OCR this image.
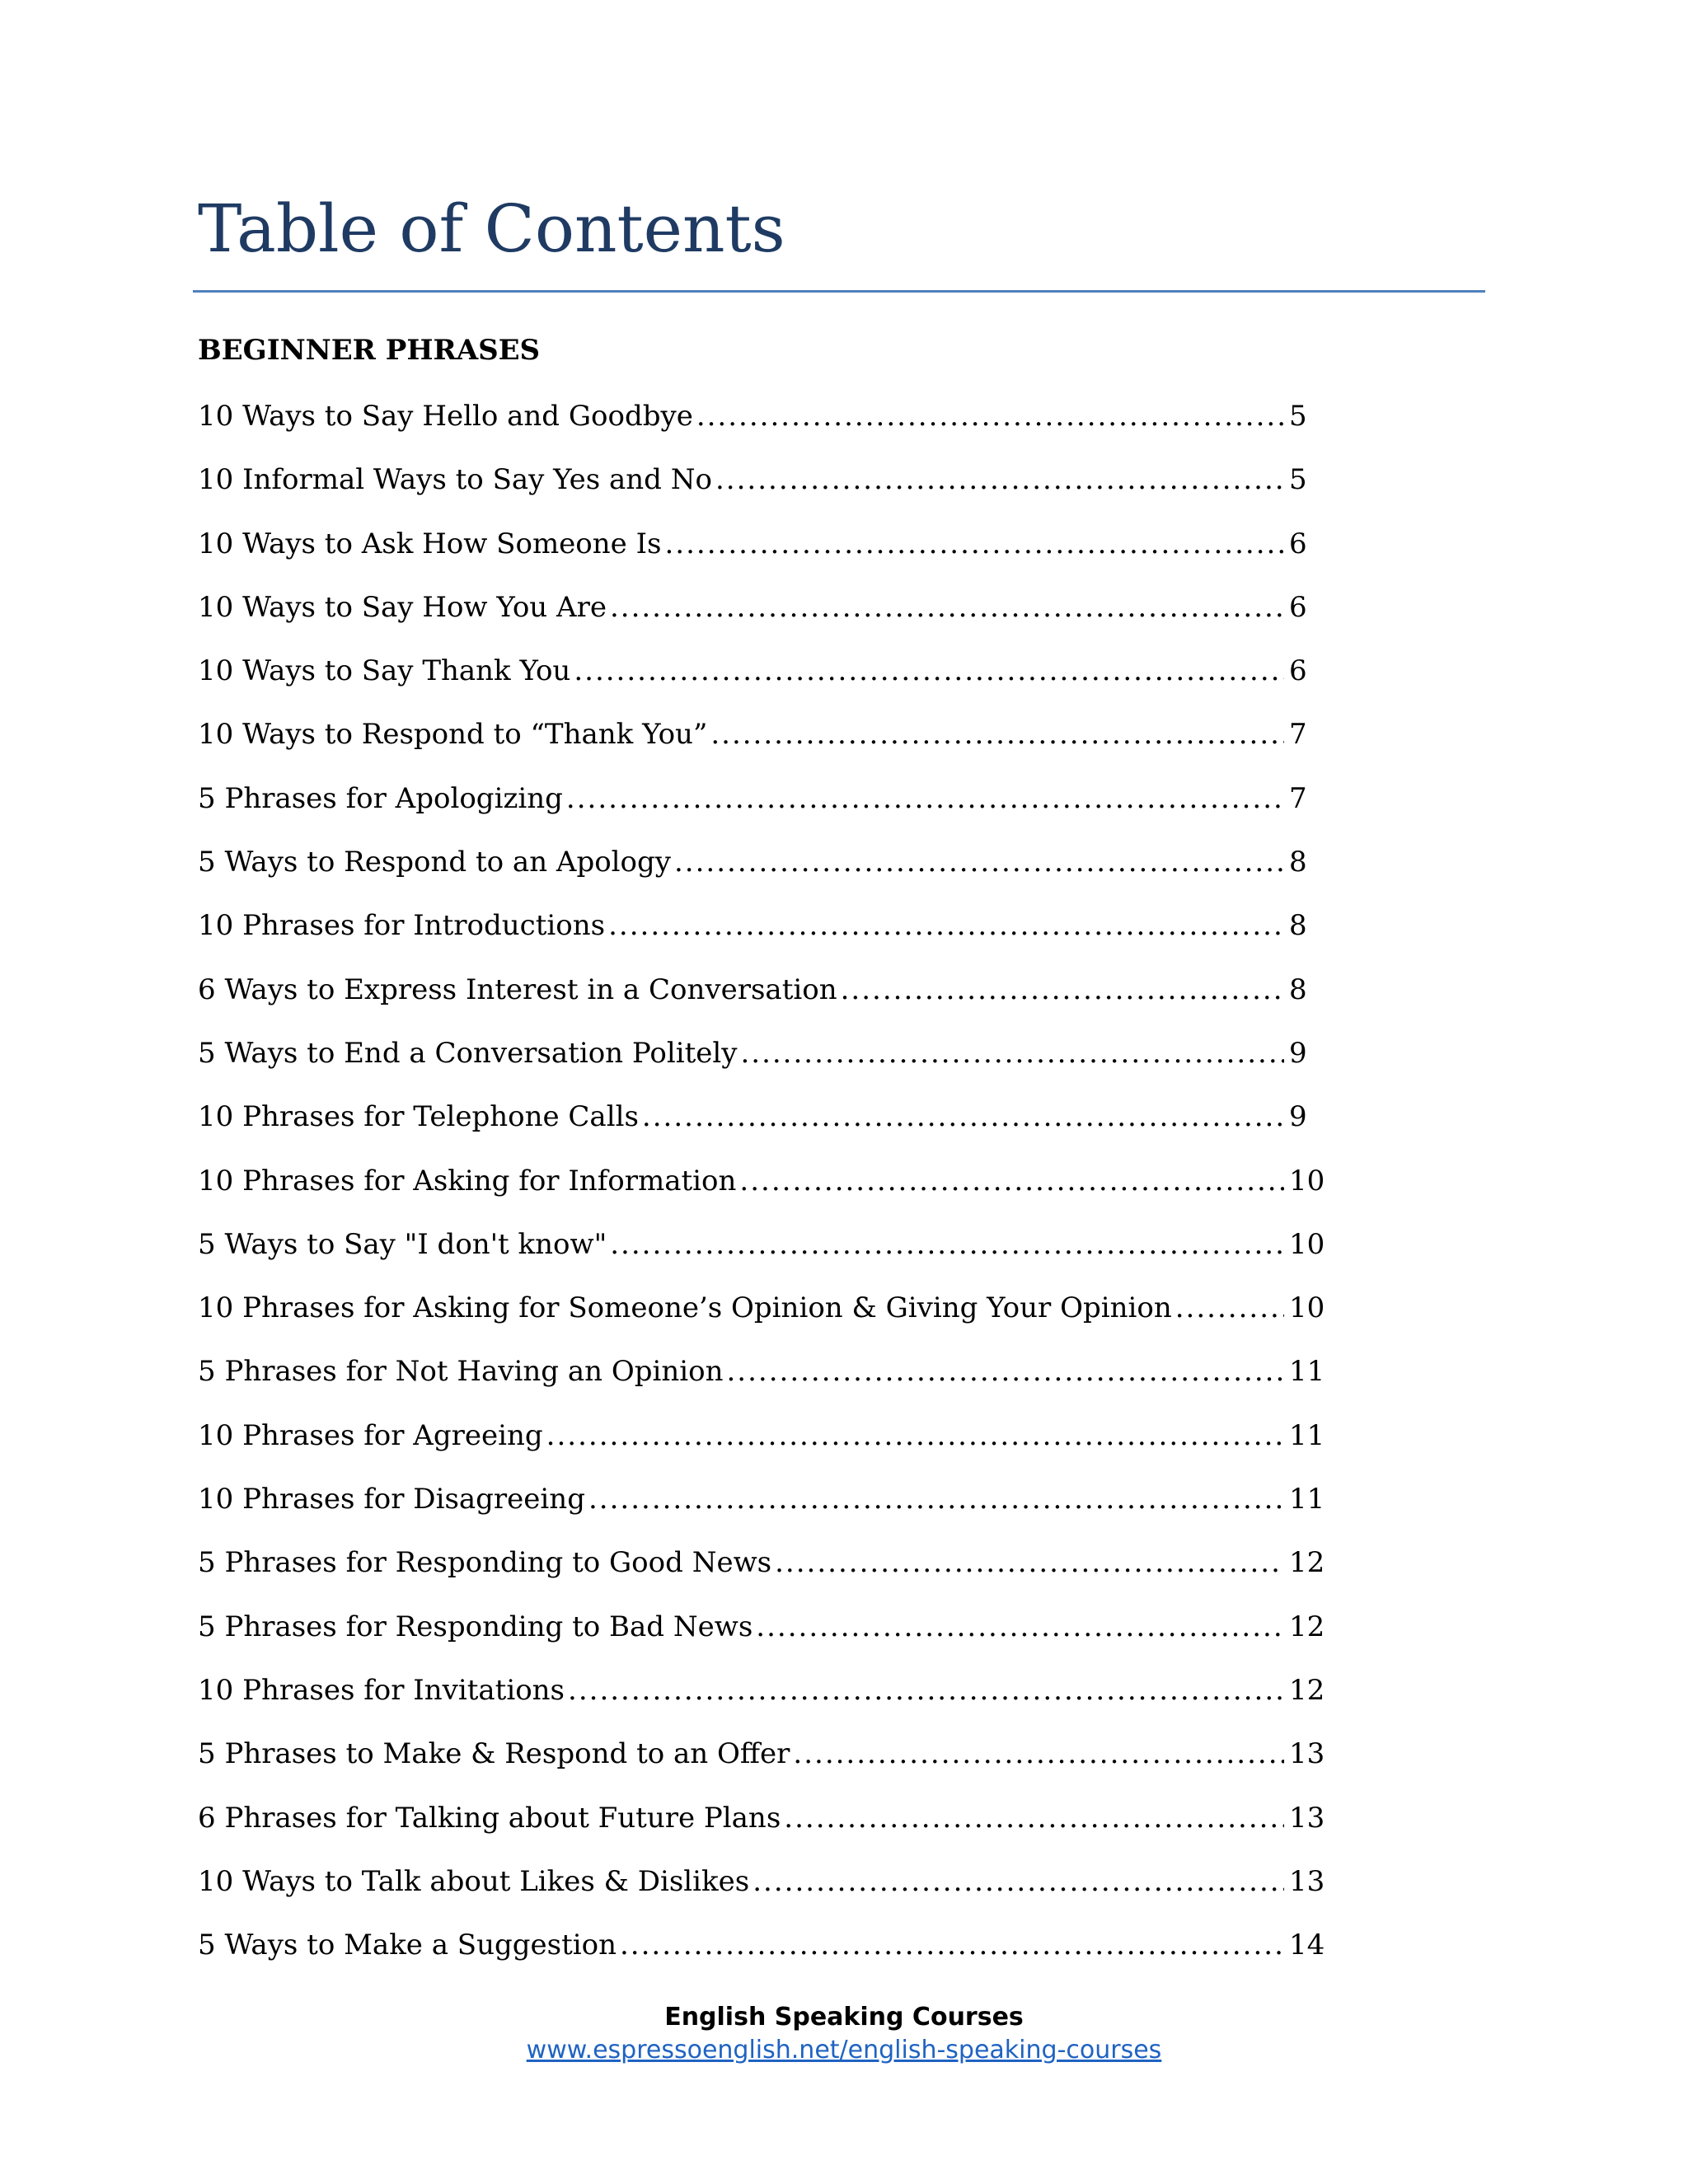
Table of Contents
BEGINNER PHRASES
10 Ways to Say Hello and Goodbye .....	5
10 Informal Ways to Say Yes and No .....	5
10 Ways to Ask How Someone Is .....	6
10 Ways to Say How You Are .....	6
10 Ways to Say Thank You .....	6
10 Ways to Respond to “Thank You” .....	7
5 Phrases for Apologizing .....	7
5 Ways to Respond to an Apology .....	8
10 Phrases for Introductions .....	8
6 Ways to Express Interest in a Conversation .....	8
5 Ways to End a Conversation Politely .....	9
10 Phrases for Telephone Calls .....	9
10 Phrases for Asking for Information .....	10
5 Ways to Say "I don't know" .....	10
10 Phrases for Asking for Someone’s Opinion & Giving Your Opinion .....	10
5 Phrases for Not Having an Opinion .....	11
10 Phrases for Agreeing .....	11
10 Phrases for Disagreeing .....	11
5 Phrases for Responding to Good News .....	12
5 Phrases for Responding to Bad News .....	12
10 Phrases for Invitations .....	12
5 Phrases to Make & Respond to an Offer .....	13
6 Phrases for Talking about Future Plans .....	13
10 Ways to Talk about Likes & Dislikes .....	13
5 Ways to Make a Suggestion .....	14
English Speaking Courses
www.espressoenglish.net/english-speaking-courses
